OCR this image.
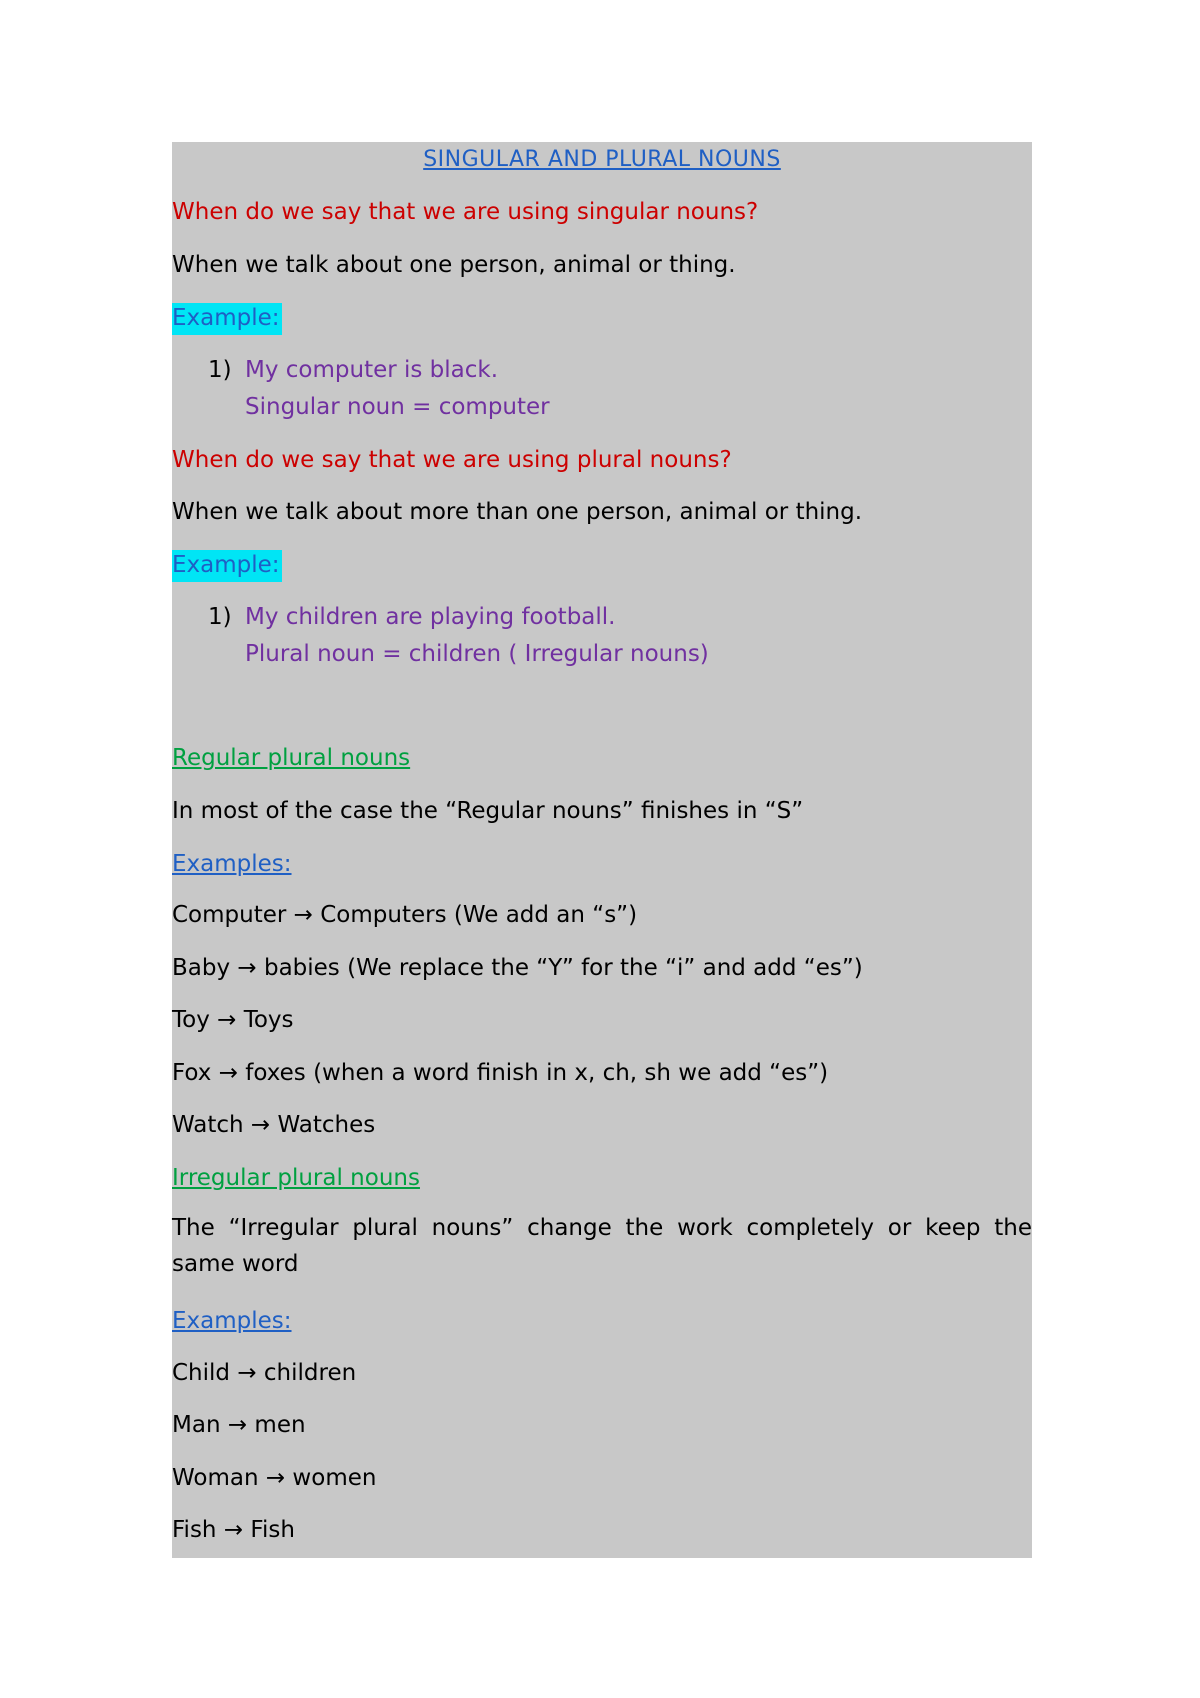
SINGULAR AND PLURAL NOUNS

When do we say that we are using singular nouns?

When we talk about one person, animal or thing.

Example:

1) My computer is black.

Singular noun = computer

When do we say that we are using plural nouns?

When we talk about more than one person, animal or thing.

Example:

1) My children are playing football.

Plural noun = children ( Irregular nouns)

Regular plural nouns

In most of the case the “Regular nouns” finishes in “S”

Examples:

Computer → Computers (We add an “s”)

Baby → babies (We replace the “Y” for the “i” and add “es”)

Toy → Toys

Fox → foxes (when a word finish in x, ch, sh we add “es”)

Watch → Watches

Irregular plural nouns

The “Irregular plural nouns” change the work completely or keep the same word

Examples:

Child → children

Man → men

Woman → women

Fish → Fish
